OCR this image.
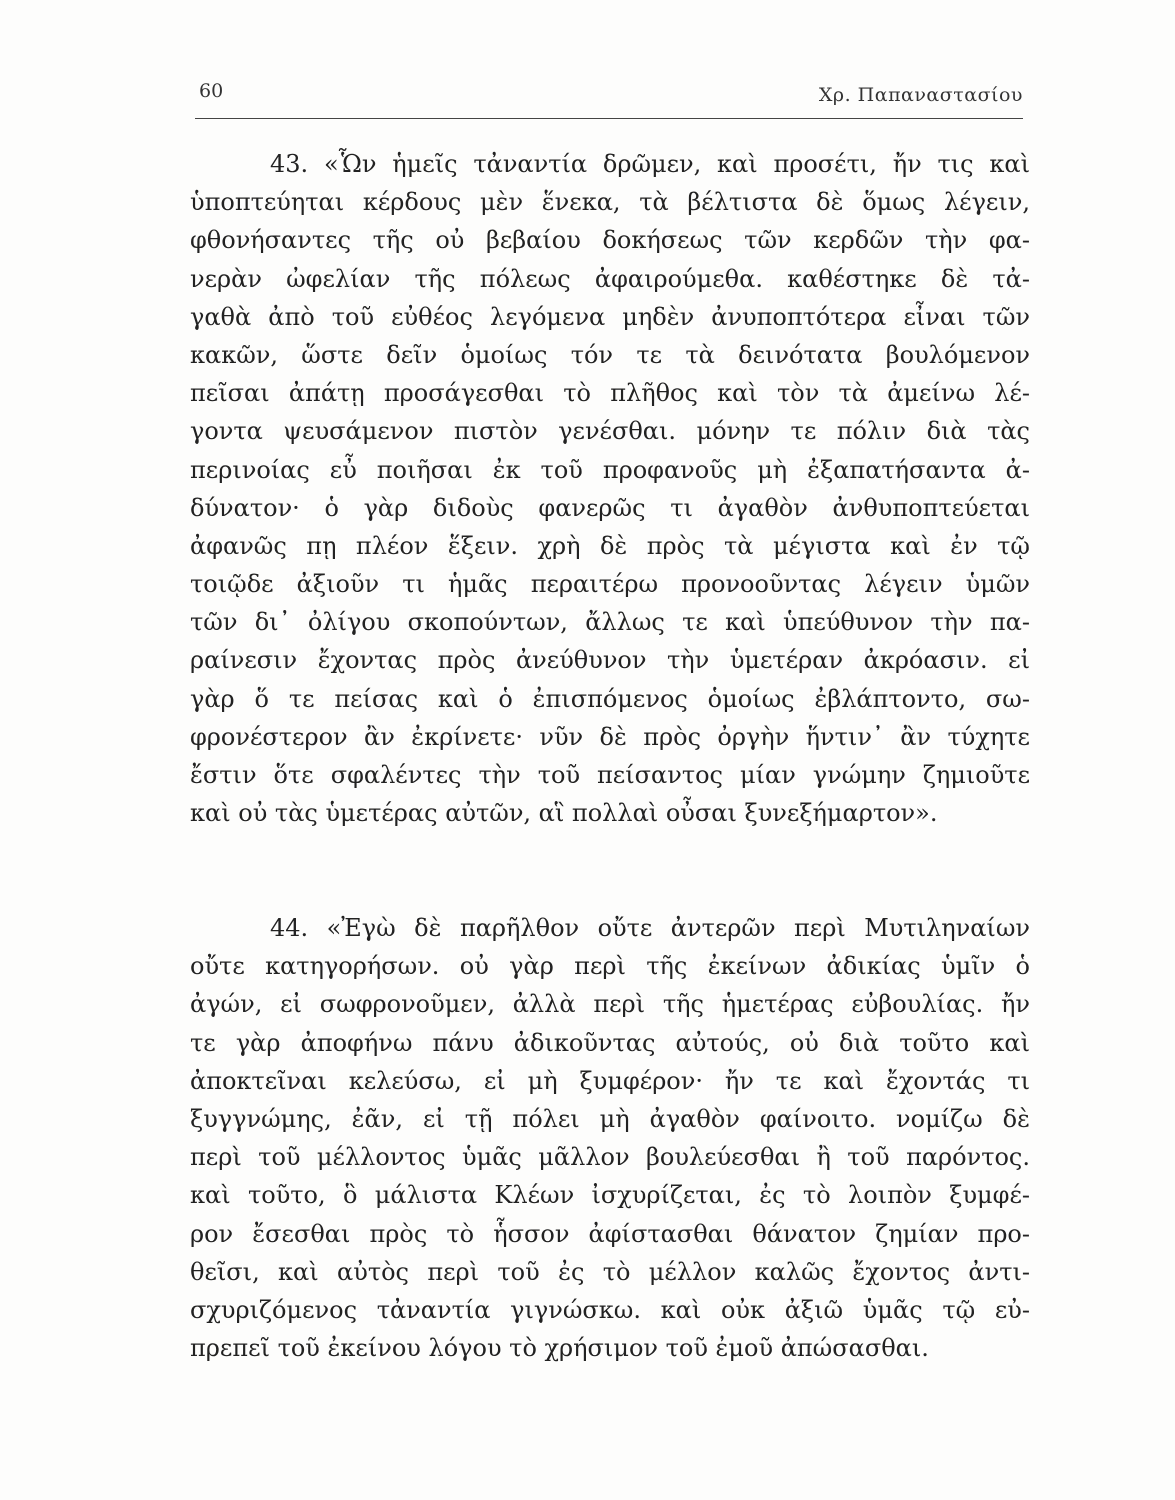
60	Χρ. Παπαναστασίου

43. «Ὧν ἡμεῖς τἀναντία δρῶμεν, καὶ προσέτι, ἤν τις καὶ
ὑποπτεύηται κέρδους μὲν ἕνεκα, τὰ βέλτιστα δὲ ὅμως λέγειν,
φθονήσαντες τῆς οὐ βεβαίου δοκήσεως τῶν κερδῶν τὴν φα-
νερὰν ὠφελίαν τῆς πόλεως ἀφαιρούμεθα. καθέστηκε δὲ τἀ-
γαθὰ ἀπὸ τοῦ εὐθέος λεγόμενα μηδὲν ἀνυποπτότερα εἶναι τῶν
κακῶν, ὥστε δεῖν ὁμοίως τόν τε τὰ δεινότατα βουλόμενον
πεῖσαι ἀπάτῃ προσάγεσθαι τὸ πλῆθος καὶ τὸν τὰ ἀμείνω λέ-
γοντα ψευσάμενον πιστὸν γενέσθαι. μόνην τε πόλιν διὰ τὰς
περινοίας εὖ ποιῆσαι ἐκ τοῦ προφανοῦς μὴ ἐξαπατήσαντα ἀ-
δύνατον· ὁ γὰρ διδοὺς φανερῶς τι ἀγαθὸν ἀνθυποπτεύεται
ἀφανῶς πῃ πλέον ἕξειν. χρὴ δὲ πρὸς τὰ μέγιστα καὶ ἐν τῷ
τοιῷδε ἀξιοῦν τι ἡμᾶς περαιτέρω προνοοῦντας λέγειν ὑμῶν
τῶν δι᾽ ὀλίγου σκοπούντων, ἄλλως τε καὶ ὑπεύθυνον τὴν πα-
ραίνεσιν ἔχοντας πρὸς ἀνεύθυνον τὴν ὑμετέραν ἀκρόασιν. εἰ
γὰρ ὅ τε πείσας καὶ ὁ ἐπισπόμενος ὁμοίως ἐβλάπτοντο, σω-
φρονέστερον ἂν ἐκρίνετε· νῦν δὲ πρὸς ὀργὴν ἥντιν᾽ ἂν τύχητε
ἔστιν ὅτε σφαλέντες τὴν τοῦ πείσαντος μίαν γνώμην ζημιοῦτε
καὶ οὐ τὰς ὑμετέρας αὐτῶν, αἳ πολλαὶ οὖσαι ξυνεξήμαρτον».

44. «Ἐγὼ δὲ παρῆλθον οὔτε ἀντερῶν περὶ Μυτιληναίων
οὔτε κατηγορήσων. οὐ γὰρ περὶ τῆς ἐκείνων ἀδικίας ὑμῖν ὁ
ἀγών, εἰ σωφρονοῦμεν, ἀλλὰ περὶ τῆς ἡμετέρας εὐβουλίας. ἤν
τε γὰρ ἀποφήνω πάνυ ἀδικοῦντας αὐτούς, οὐ διὰ τοῦτο καὶ
ἀποκτεῖναι κελεύσω, εἰ μὴ ξυμφέρον· ἤν τε καὶ ἔχοντάς τι
ξυγγνώμης, ἐᾶν, εἰ τῇ πόλει μὴ ἀγαθὸν φαίνοιτο. νομίζω δὲ
περὶ τοῦ μέλλοντος ὑμᾶς μᾶλλον βουλεύεσθαι ἢ τοῦ παρόντος.
καὶ τοῦτο, ὃ μάλιστα Κλέων ἰσχυρίζεται, ἐς τὸ λοιπὸν ξυμφέ-
ρον ἔσεσθαι πρὸς τὸ ἧσσον ἀφίστασθαι θάνατον ζημίαν προ-
θεῖσι, καὶ αὐτὸς περὶ τοῦ ἐς τὸ μέλλον καλῶς ἔχοντος ἀντι-
σχυριζόμενος τἀναντία γιγνώσκω. καὶ οὐκ ἀξιῶ ὑμᾶς τῷ εὐ-
πρεπεῖ τοῦ ἐκείνου λόγου τὸ χρήσιμον τοῦ ἐμοῦ ἀπώσασθαι.
